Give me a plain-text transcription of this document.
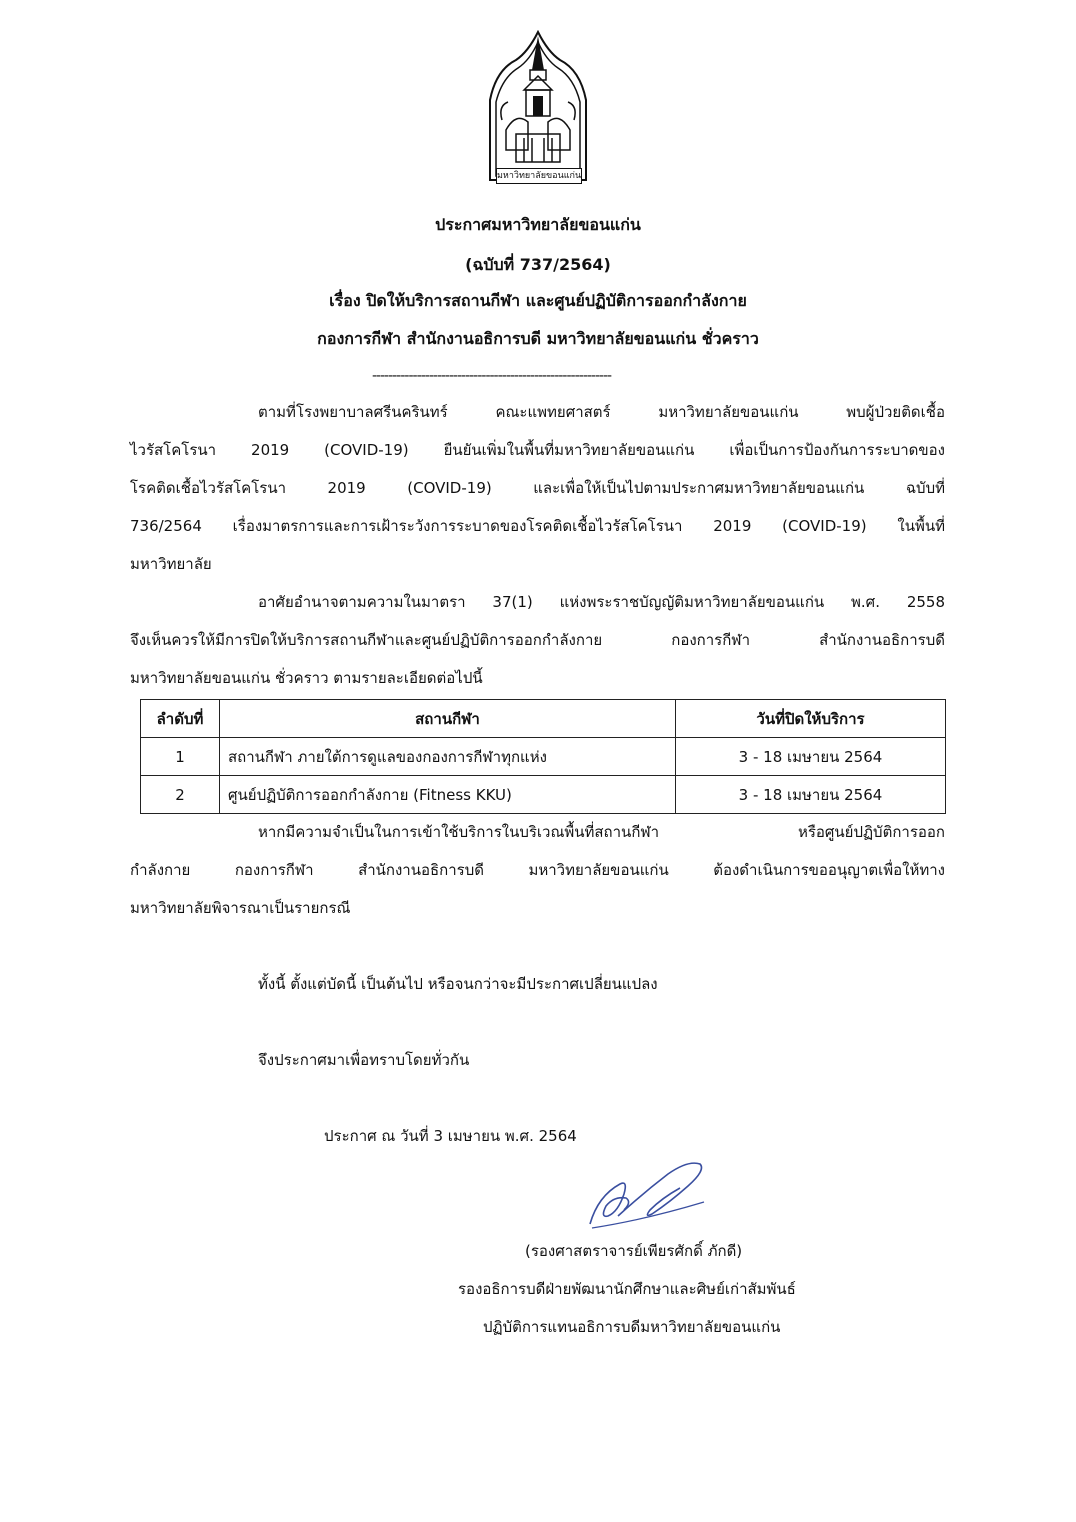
มหาวิทยาลัยขอนแก่น
ประกาศมหาวิทยาลัยขอนแก่น
(ฉบับที่ 737/2564)
เรื่อง ปิดให้บริการสถานกีฬา และศูนย์ปฏิบัติการออกกำลังกาย
กองการกีฬา สำนักงานอธิการบดี มหาวิทยาลัยขอนแก่น ชั่วคราว
-----------------------------------------------------------
ตามที่โรงพยาบาลศรีนครินทร์ คณะแพทยศาสตร์ มหาวิทยาลัยขอนแก่น พบผู้ป่วยติดเชื้อ
ไวรัสโคโรนา 2019 (COVID-19) ยืนยันเพิ่มในพื้นที่มหาวิทยาลัยขอนแก่น เพื่อเป็นการป้องกันการระบาดของ
โรคติดเชื้อไวรัสโคโรนา 2019 (COVID-19) และเพื่อให้เป็นไปตามประกาศมหาวิทยาลัยขอนแก่น ฉบับที่
736/2564 เรื่องมาตรการและการเฝ้าระวังการระบาดของโรคติดเชื้อไวรัสโคโรนา 2019 (COVID-19) ในพื้นที่
มหาวิทยาลัย
อาศัยอำนาจตามความในมาตรา 37(1) แห่งพระราชบัญญัติมหาวิทยาลัยขอนแก่น พ.ศ. 2558
จึงเห็นควรให้มีการปิดให้บริการสถานกีฬาและศูนย์ปฏิบัติการออกกำลังกาย กองการกีฬา สำนักงานอธิการบดี
มหาวิทยาลัยขอนแก่น ชั่วคราว ตามรายละเอียดต่อไปนี้
ลำดับที่	สถานกีฬา	วันที่ปิดให้บริการ
1	สถานกีฬา ภายใต้การดูแลของกองการกีฬาทุกแห่ง	3 - 18 เมษายน 2564
2	ศูนย์ปฏิบัติการออกกำลังกาย (Fitness KKU)	3 - 18 เมษายน 2564
หากมีความจำเป็นในการเข้าใช้บริการในบริเวณพื้นที่สถานกีฬา หรือศูนย์ปฏิบัติการออก
กำลังกาย กองการกีฬา สำนักงานอธิการบดี มหาวิทยาลัยขอนแก่น ต้องดำเนินการขออนุญาตเพื่อให้ทาง
มหาวิทยาลัยพิจารณาเป็นรายกรณี
ทั้งนี้ ตั้งแต่บัดนี้ เป็นต้นไป หรือจนกว่าจะมีประกาศเปลี่ยนแปลง
จึงประกาศมาเพื่อทราบโดยทั่วกัน
ประกาศ ณ วันที่ 3 เมษายน พ.ศ. 2564
(รองศาสตราจารย์เพียรศักดิ์ ภักดี)
รองอธิการบดีฝ่ายพัฒนานักศึกษาและศิษย์เก่าสัมพันธ์
ปฏิบัติการแทนอธิการบดีมหาวิทยาลัยขอนแก่น
